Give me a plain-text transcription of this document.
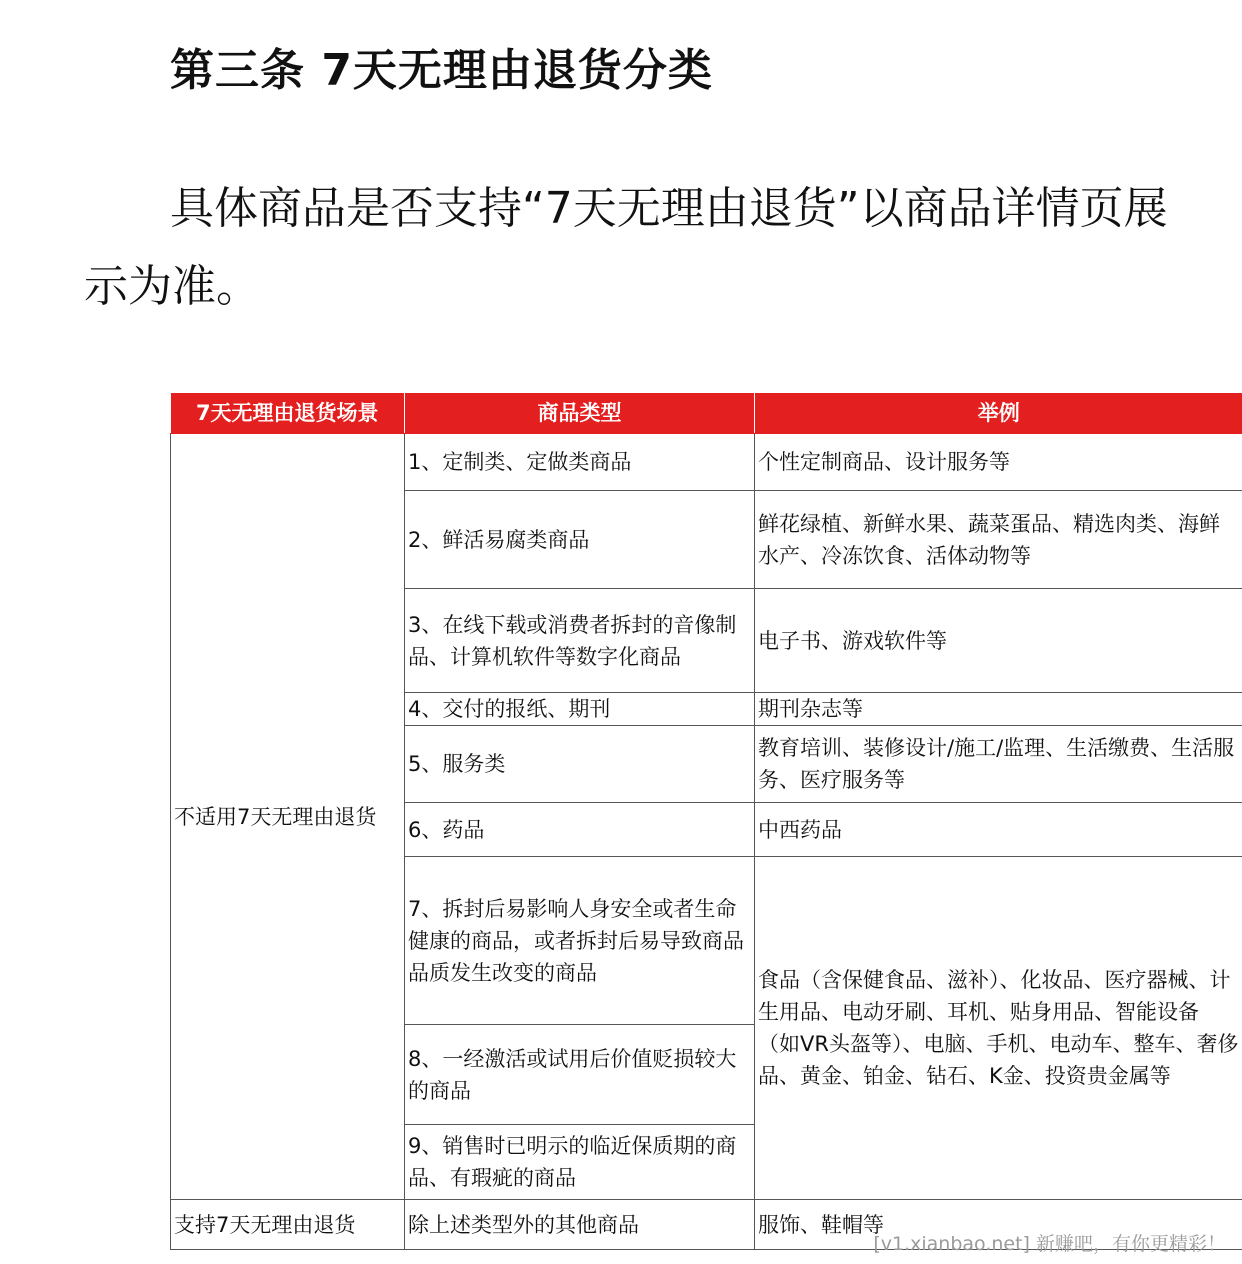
第三条 7天无理由退货分类

具体商品是否支持“7天无理由退货”以商品详情页展示为准。

7天无理由退货场景	商品类型	举例
不适用7天无理由退货	1、定制类、定做类商品	个性定制商品、设计服务等
	2、鲜活易腐类商品	鲜花绿植、新鲜水果、蔬菜蛋品、精选肉类、海鲜水产、冷冻饮食、活体动物等
	3、在线下载或消费者拆封的音像制品、计算机软件等数字化商品	电子书、游戏软件等
	4、交付的报纸、期刊	期刊杂志等
	5、服务类	教育培训、装修设计/施工/监理、生活缴费、生活服务、医疗服务等
	6、药品	中西药品
	7、拆封后易影响人身安全或者生命健康的商品，或者拆封后易导致商品品质发生改变的商品	食品（含保健食品、滋补）、化妆品、医疗器械、计生用品、电动牙刷、耳机、贴身用品、智能设备（如VR头盔等）、电脑、手机、电动车、整车、奢侈品、黄金、铂金、钻石、K金、投资贵金属等
	8、一经激活或试用后价值贬损较大的商品	
	9、销售时已明示的临近保质期的商品、有瑕疵的商品	
支持7天无理由退货	除上述类型外的其他商品	服饰、鞋帽等
[v1.xianbao.net] 新赚吧，有你更精彩！
